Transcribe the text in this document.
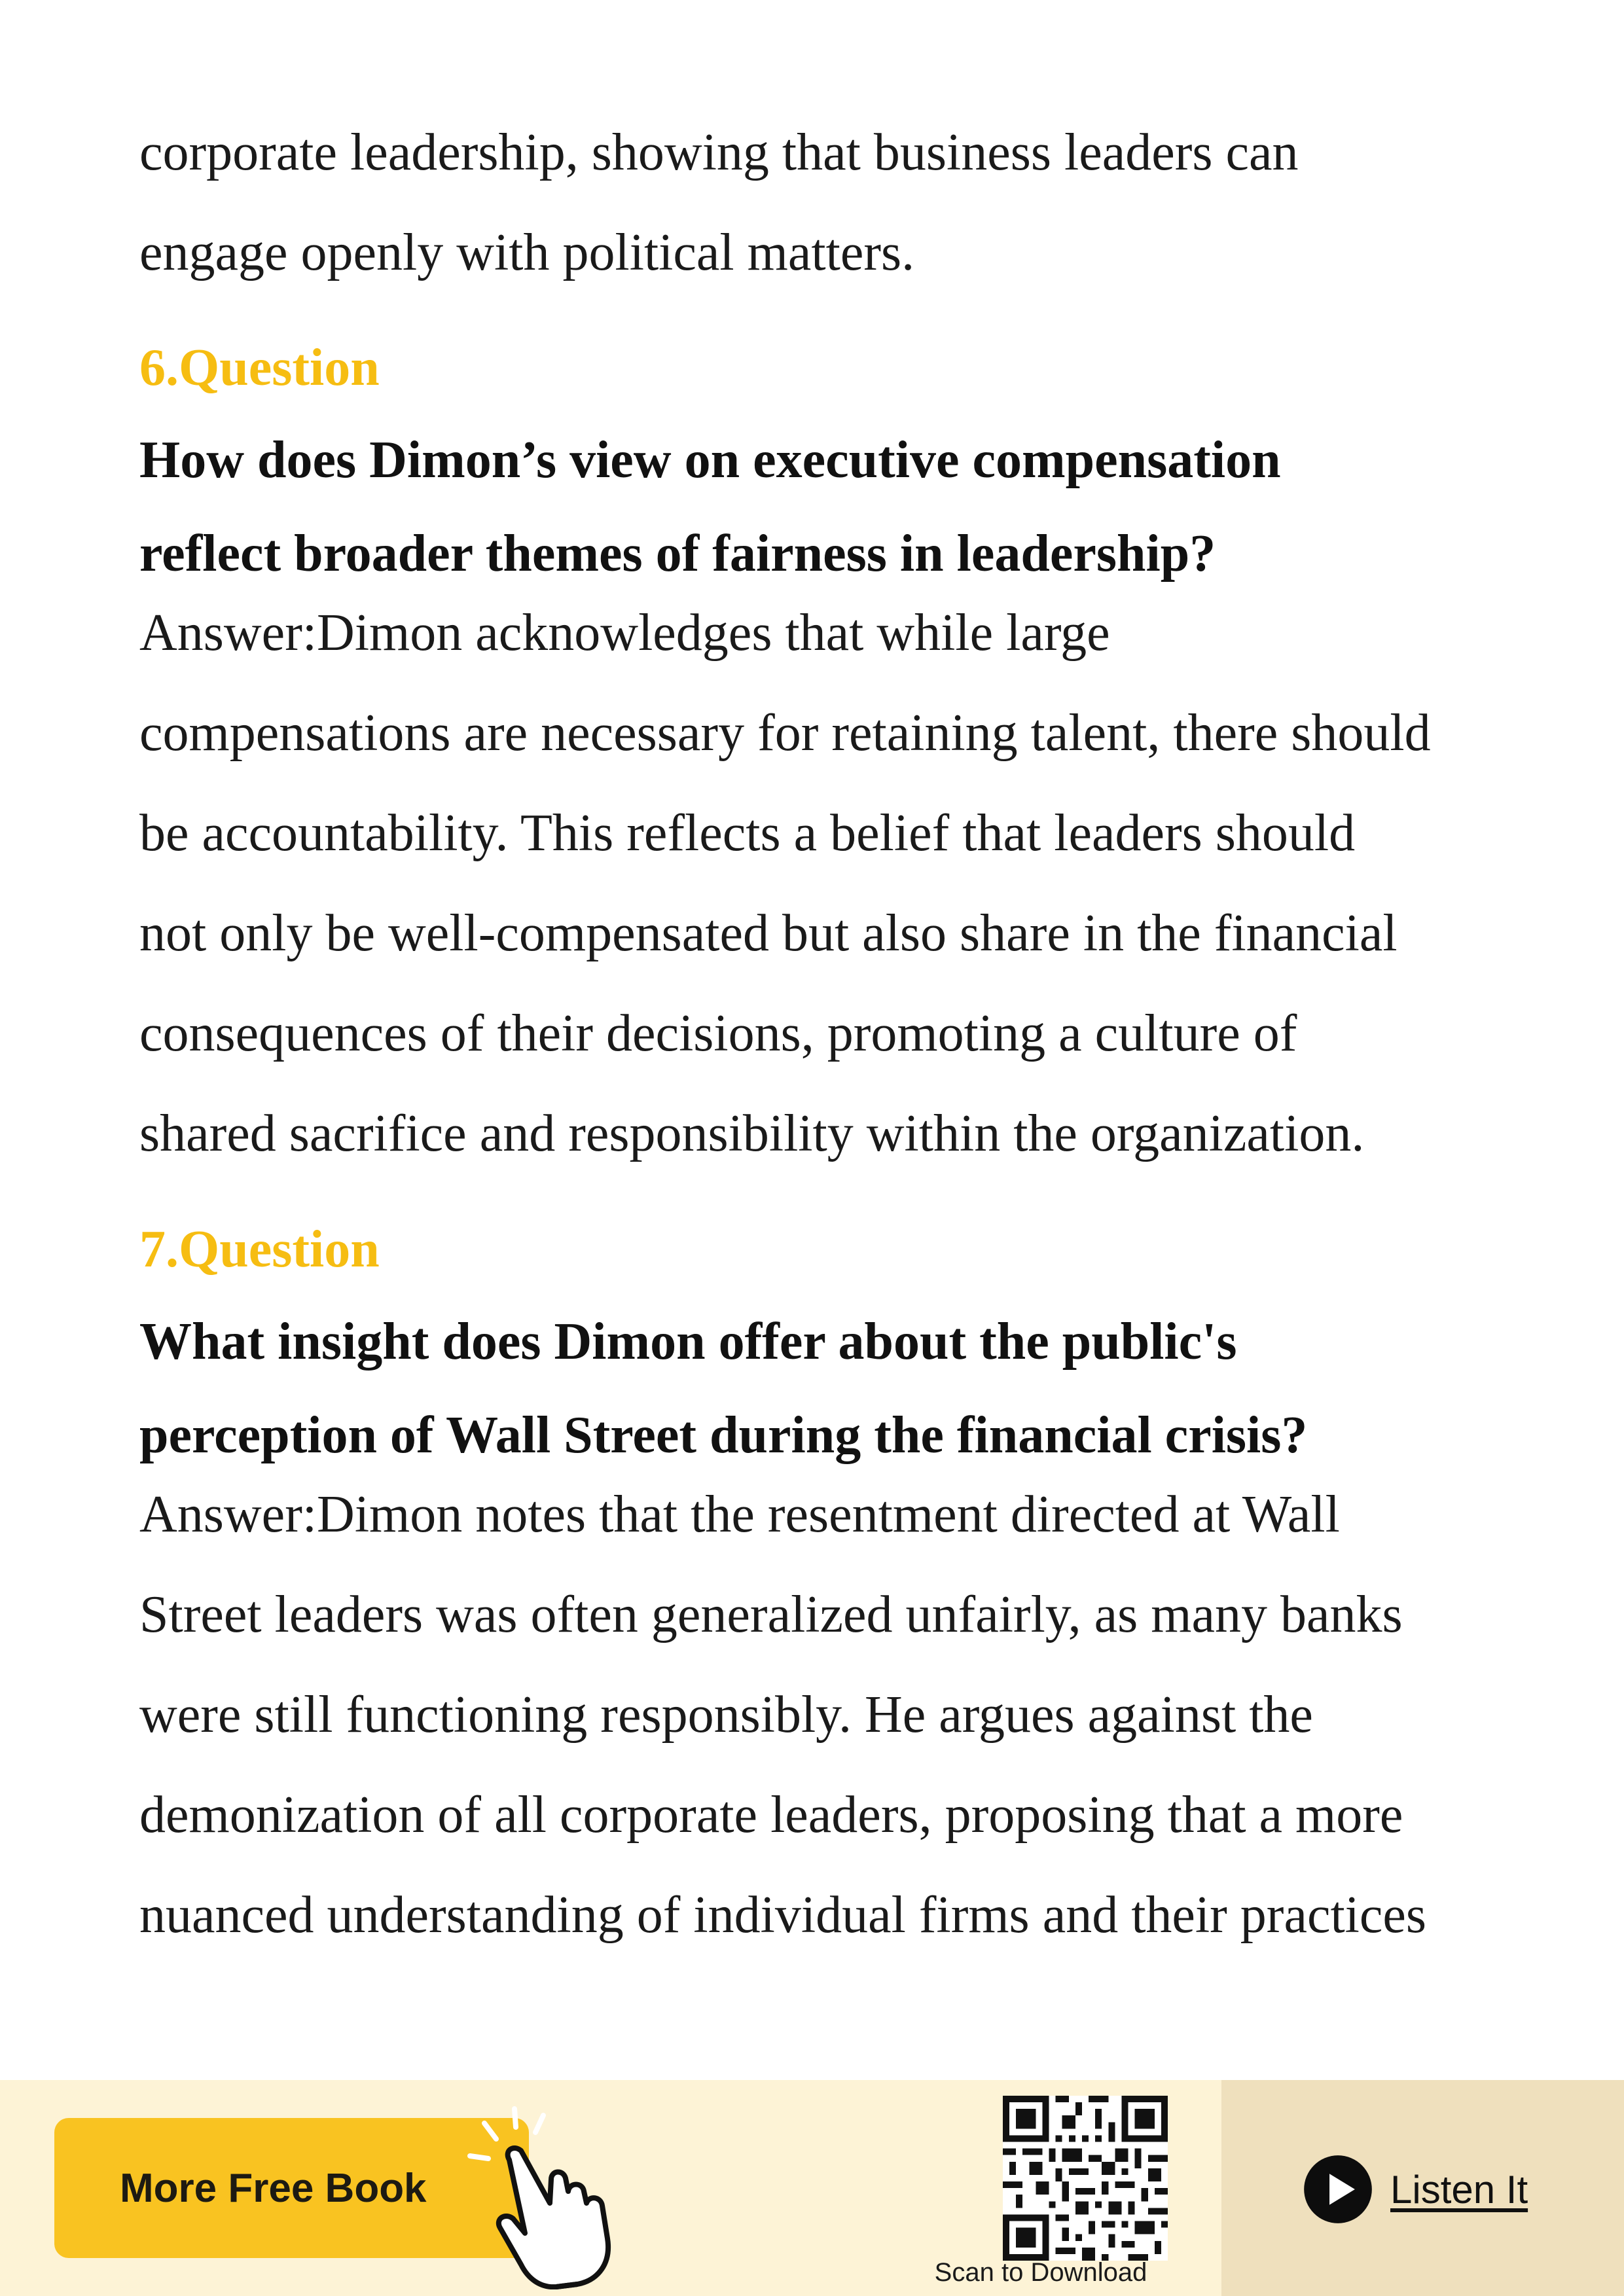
corporate leadership, showing that business leaders can
engage openly with political matters.
6.Question
How does Dimon’s view on executive compensation
reflect broader themes of fairness in leadership?
Answer:Dimon acknowledges that while large
compensations are necessary for retaining talent, there should
be accountability. This reflects a belief that leaders should
not only be well-compensated but also share in the financial
consequences of their decisions, promoting a culture of
shared sacrifice and responsibility within the organization.
7.Question
What insight does Dimon offer about the public's
perception of Wall Street during the financial crisis?
Answer:Dimon notes that the resentment directed at Wall
Street leaders was often generalized unfairly, as many banks
were still functioning responsibly. He argues against the
demonization of all corporate leaders, proposing that a more
nuanced understanding of individual firms and their practices
More Free Book
Scan to Download
Listen It
